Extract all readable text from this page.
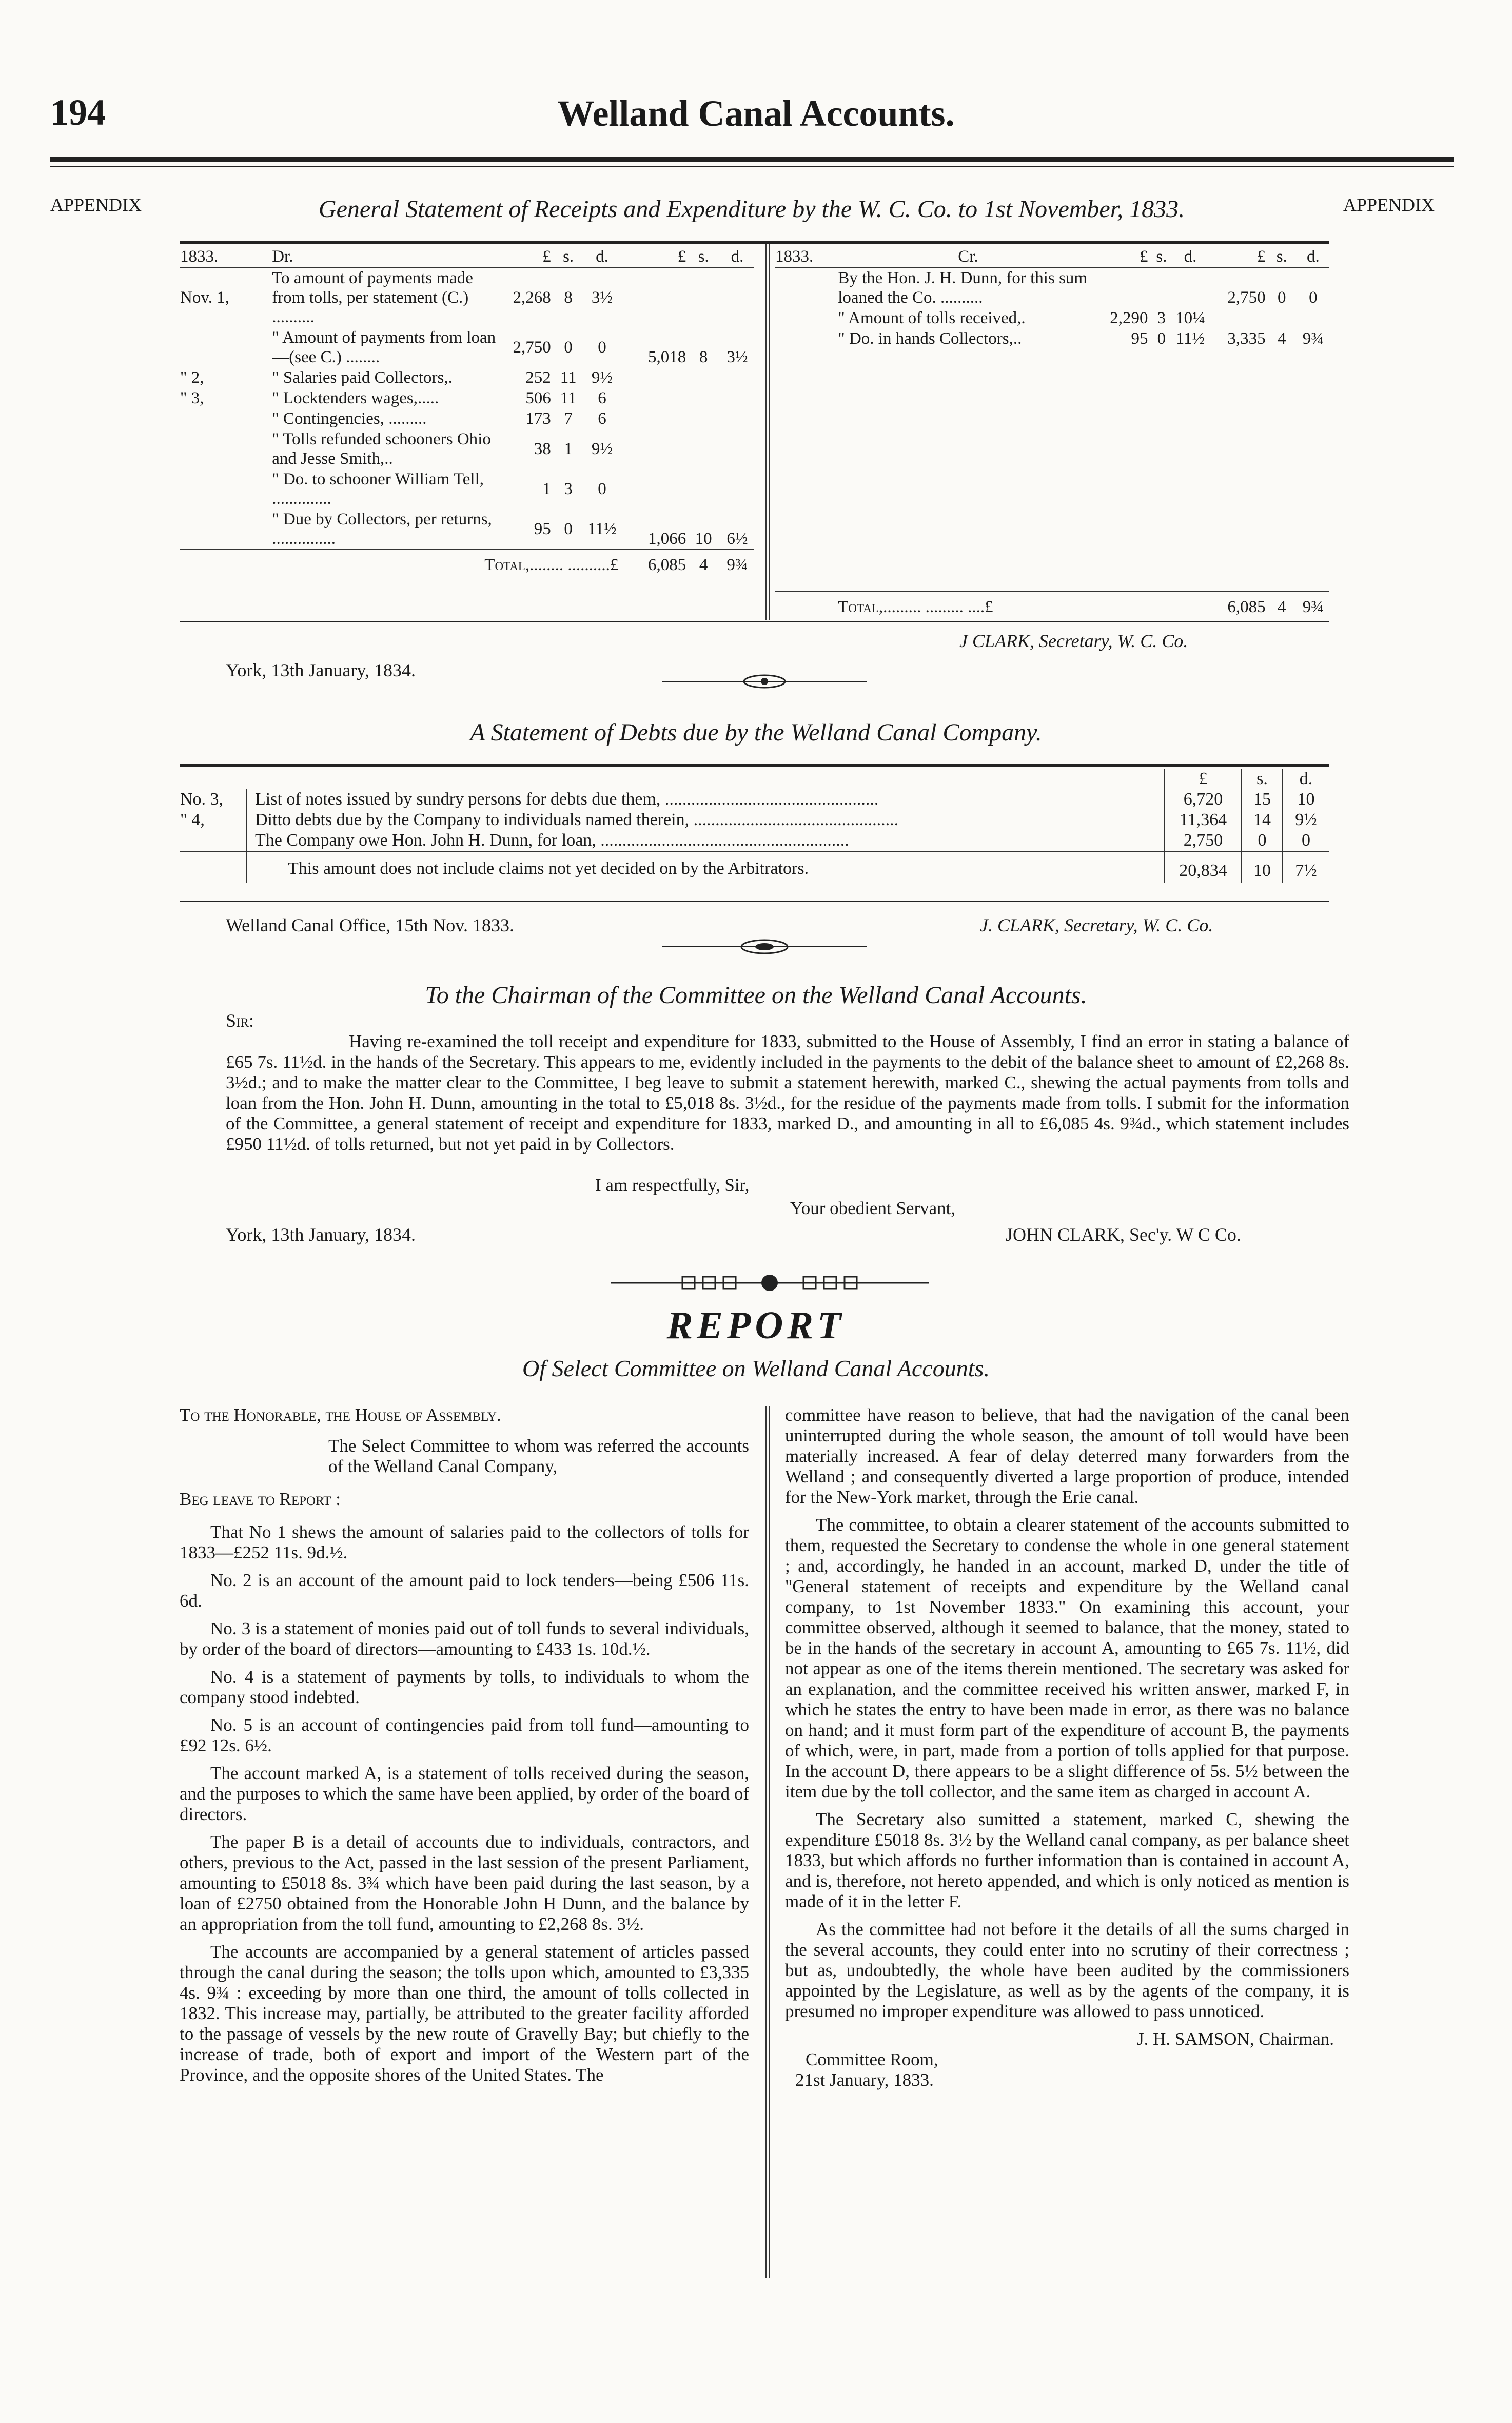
194	Welland Canal Accounts.
APPENDIX	APPENDIX
General Statement of Receipts and Expenditure by the W. C. Co. to 1st November, 1833.
1833.	Dr.	£	s.	d.	£	s.	d.
Nov. 1,	To amount of payments made from tolls, per statement (C.) ..........	2,268	8	3½			
	" Amount of payments from loan—(see C.) ........	2,750	0	0	5,018	8	3½
" 2,	" Salaries paid Collectors,.	252	11	9½			
" 3,	" Locktenders wages,.....	506	11	6			
	" Contingencies, .........	173	7	6			
	" Tolls refunded schooners Ohio and Jesse Smith,..	38	1	9½			
	" Do. to schooner William Tell, ..............	1	3	0			
	" Due by Collectors, per returns, ...............	95	0	11½	1,066	10	6½
	Total,........ ..........£				6,085	4	9¾
1833.	Cr.	£	s.	d.	£	s.	d.
	By the Hon. J. H. Dunn, for this sum loaned the Co. ..........				2,750	0	0
	" Amount of tolls received,.	2,290	3	10¼			
	" Do. in hands Collectors,..	95	0	11½	3,335	4	9¾

	Total,......... ......... ....£				6,085	4	9¾
J CLARK, Secretary, W. C. Co.
York, 13th January, 1834.
A Statement of Debts due by the Welland Canal Company.
		£	s.	d.
No. 3,	List of notes issued by sundry persons for debts due them, .................................................	6,720	15	10
" 4,	Ditto debts due by the Company to individuals named therein, ...............................................	11,364	14	9½
	The Company owe Hon. John H. Dunn, for loan, .........................................................	2,750	0	0
	This amount does not include claims not yet decided on by the Arbitrators.	20,834	10	7½
Welland Canal Office, 15th Nov. 1833.	J. CLARK, Secretary, W. C. Co.
To the Chairman of the Committee on the Welland Canal Accounts.
Sir:

Having re-examined the toll receipt and expenditure for 1833, submitted to the House of Assembly, I find an error in stating a balance of £65 7s. 11½d. in the hands of the Secretary. This appears to me, evidently included in the payments to the debit of the balance sheet to amount of £2,268 8s. 3½d.; and to make the matter clear to the Committee, I beg leave to submit a statement herewith, marked C., shewing the actual payments from tolls and loan from the Hon. John H. Dunn, amounting in the total to £5,018 8s. 3½d., for the residue of the payments made from tolls. I submit for the information of the Committee, a general statement of receipt and expenditure for 1833, marked D., and amounting in all to £6,085 4s. 9¾d., which statement includes £950 11½d. of tolls returned, but not yet paid in by Collectors.

I am respectfully, Sir,
Your obedient Servant,
York, 13th January, 1834.	JOHN CLARK, Sec'y. W C Co.
REPORT
Of Select Committee on Welland Canal Accounts.
To the Honorable, the House of Assembly.
The Select Committee to whom was referred the accounts of the Welland Canal Company,
Beg leave to Report :

That No 1 shews the amount of salaries paid to the collectors of tolls for 1833—£252 11s. 9d.½.

No. 2 is an account of the amount paid to lock tenders—being £506 11s. 6d.

No. 3 is a statement of monies paid out of toll funds to several individuals, by order of the board of directors—amounting to £433 1s. 10d.½.

No. 4 is a statement of payments by tolls, to individuals to whom the company stood indebted.

No. 5 is an account of contingencies paid from toll fund—amounting to £92 12s. 6½.

The account marked A, is a statement of tolls received during the season, and the purposes to which the same have been applied, by order of the board of directors.

The paper B is a detail of accounts due to individuals, contractors, and others, previous to the Act, passed in the last session of the present Parliament, amounting to £5018 8s. 3¾ which have been paid during the last season, by a loan of £2750 obtained from the Honorable John H Dunn, and the balance by an appropriation from the toll fund, amounting to £2,268 8s. 3½.

The accounts are accompanied by a general statement of articles passed through the canal during the season; the tolls upon which, amounted to £3,335 4s. 9¾ : exceeding by more than one third, the amount of tolls collected in 1832. This increase may, partially, be attributed to the greater facility afforded to the passage of vessels by the new route of Gravelly Bay; but chiefly to the increase of trade, both of export and import of the Western part of the Province, and the opposite shores of the United States. The

committee have reason to believe, that had the navigation of the canal been uninterrupted during the whole season, the amount of toll would have been materially increased. A fear of delay deterred many forwarders from the Welland ; and consequently diverted a large proportion of produce, intended for the New-York market, through the Erie canal.

The committee, to obtain a clearer statement of the accounts submitted to them, requested the Secretary to condense the whole in one general statement ; and, accordingly, he handed in an account, marked D, under the title of "General statement of receipts and expenditure by the Welland canal company, to 1st November 1833." On examining this account, your committee observed, although it seemed to balance, that the money, stated to be in the hands of the secretary in account A, amounting to £65 7s. 11½, did not appear as one of the items therein mentioned. The secretary was asked for an explanation, and the committee received his written answer, marked F, in which he states the entry to have been made in error, as there was no balance on hand; and it must form part of the expenditure of account B, the payments of which, were, in part, made from a portion of tolls applied for that purpose. In the account D, there appears to be a slight difference of 5s. 5½ between the item due by the toll collector, and the same item as charged in account A.

The Secretary also sumitted a statement, marked C, shewing the expenditure £5018 8s. 3½ by the Welland canal company, as per balance sheet 1833, but which affords no further information than is contained in account A, and is, therefore, not hereto appended, and which is only noticed as mention is made of it in the letter F.

As the committee had not before it the details of all the sums charged in the several accounts, they could enter into no scrutiny of their correctness ; but as, undoubtedly, the whole have been audited by the commissioners appointed by the Legislature, as well as by the agents of the company, it is presumed no improper expenditure was allowed to pass unnoticed.

J. H. SAMSON, Chairman.
Committee Room,
21st January, 1833.
